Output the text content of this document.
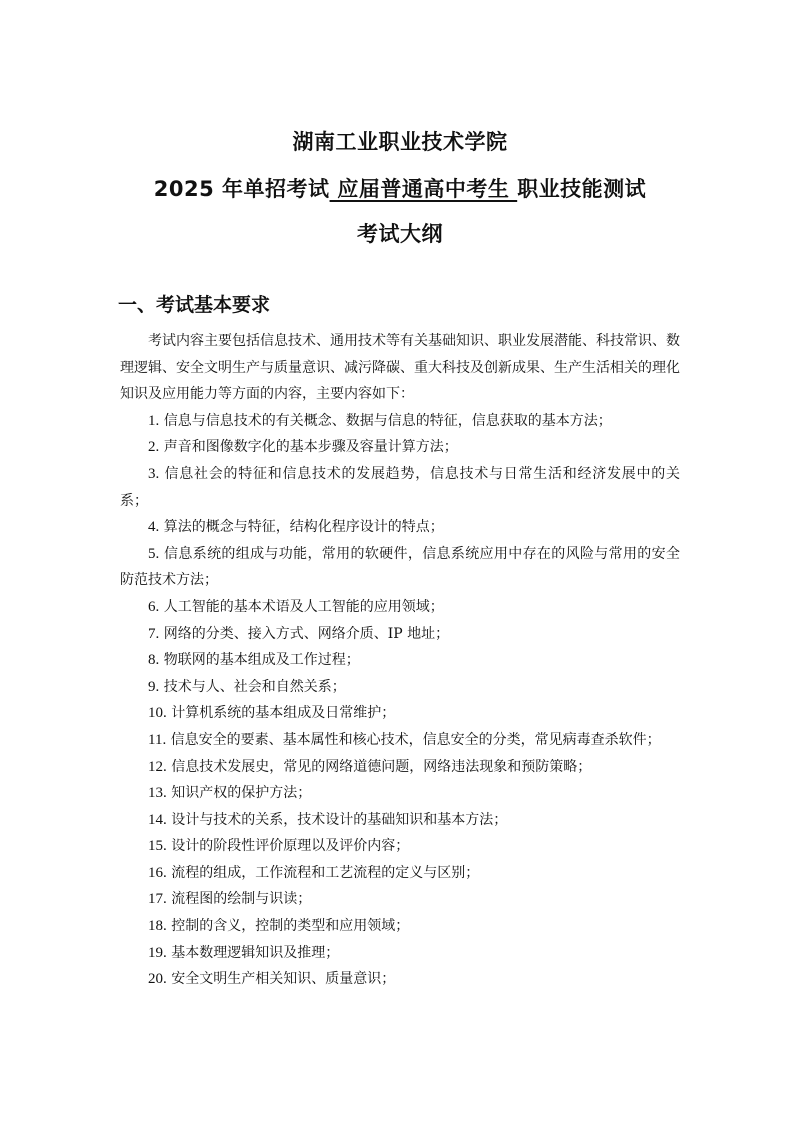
湖南工业职业技术学院
2025 年单招考试 应届普通高中考生 职业技能测试
考试大纲
一、考试基本要求

考试内容主要包括信息技术、通用技术等有关基础知识、职业发展潜能、科技常识、数理逻辑、安全文明生产与质量意识、减污降碳、重大科技及创新成果、生产生活相关的理化知识及应用能力等方面的内容，主要内容如下：

1. 信息与信息技术的有关概念、数据与信息的特征，信息获取的基本方法；

2. 声音和图像数字化的基本步骤及容量计算方法；

3. 信息社会的特征和信息技术的发展趋势，信息技术与日常生活和经济发展中的关系；

4. 算法的概念与特征，结构化程序设计的特点；

5. 信息系统的组成与功能，常用的软硬件，信息系统应用中存在的风险与常用的安全防范技术方法；

6. 人工智能的基本术语及人工智能的应用领域；

7. 网络的分类、接入方式、网络介质、IP 地址；

8. 物联网的基本组成及工作过程；

9. 技术与人、社会和自然关系；

10. 计算机系统的基本组成及日常维护；

11. 信息安全的要素、基本属性和核心技术，信息安全的分类，常见病毒查杀软件；

12. 信息技术发展史，常见的网络道德问题，网络违法现象和预防策略；

13. 知识产权的保护方法；

14. 设计与技术的关系，技术设计的基础知识和基本方法；

15. 设计的阶段性评价原理以及评价内容；

16. 流程的组成，工作流程和工艺流程的定义与区别；

17. 流程图的绘制与识读；

18. 控制的含义，控制的类型和应用领域；

19. 基本数理逻辑知识及推理；

20. 安全文明生产相关知识、质量意识；
